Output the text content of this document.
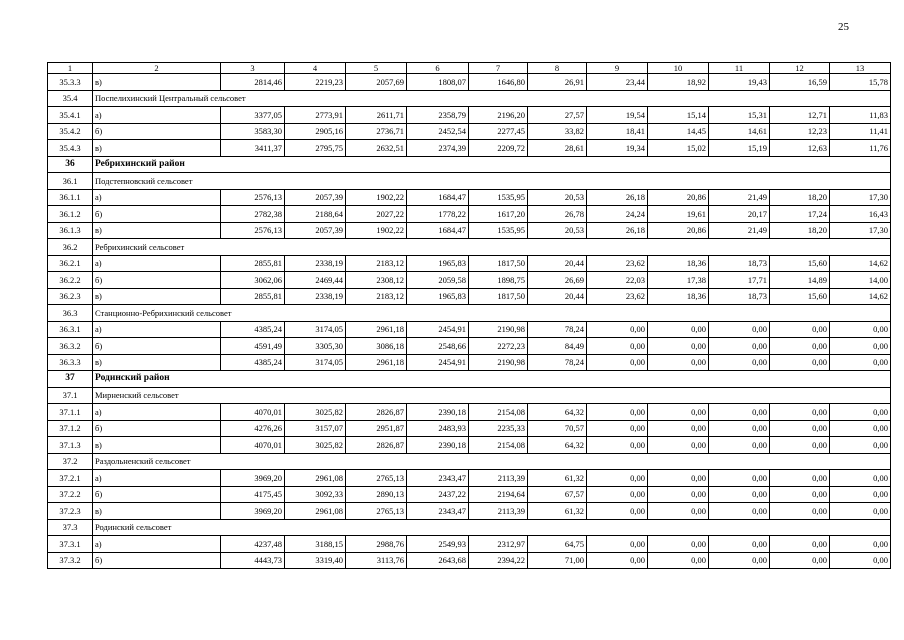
25
1	2	3	4	5	6	7	8	9	10	11	12	13
35.3.3	в)	2814,46	2219,23	2057,69	1808,07	1646,80	26,91	23,44	18,92	19,43	16,59	15,78
35.4	Поспелихинский Центральный сельсовет											
35.4.1	а)	3377,05	2773,91	2611,71	2358,79	2196,20	27,57	19,54	15,14	15,31	12,71	11,83
35.4.2	б)	3583,30	2905,16	2736,71	2452,54	2277,45	33,82	18,41	14,45	14,61	12,23	11,41
35.4.3	в)	3411,37	2795,75	2632,51	2374,39	2209,72	28,61	19,34	15,02	15,19	12,63	11,76
36	Ребрихинский район											
36.1	Подстепновский сельсовет											
36.1.1	а)	2576,13	2057,39	1902,22	1684,47	1535,95	20,53	26,18	20,86	21,49	18,20	17,30
36.1.2	б)	2782,38	2188,64	2027,22	1778,22	1617,20	26,78	24,24	19,61	20,17	17,24	16,43
36.1.3	в)	2576,13	2057,39	1902,22	1684,47	1535,95	20,53	26,18	20,86	21,49	18,20	17,30
36.2	Ребрихинский сельсовет											
36.2.1	а)	2855,81	2338,19	2183,12	1965,83	1817,50	20,44	23,62	18,36	18,73	15,60	14,62
36.2.2	б)	3062,06	2469,44	2308,12	2059,58	1898,75	26,69	22,03	17,38	17,71	14,89	14,00
36.2.3	в)	2855,81	2338,19	2183,12	1965,83	1817,50	20,44	23,62	18,36	18,73	15,60	14,62
36.3	Станционно-Ребрихинский сельсовет											
36.3.1	а)	4385,24	3174,05	2961,18	2454,91	2190,98	78,24	0,00	0,00	0,00	0,00	0,00
36.3.2	б)	4591,49	3305,30	3086,18	2548,66	2272,23	84,49	0,00	0,00	0,00	0,00	0,00
36.3.3	в)	4385,24	3174,05	2961,18	2454,91	2190,98	78,24	0,00	0,00	0,00	0,00	0,00
37	Родинский район											
37.1	Мирненский сельсовет											
37.1.1	а)	4070,01	3025,82	2826,87	2390,18	2154,08	64,32	0,00	0,00	0,00	0,00	0,00
37.1.2	б)	4276,26	3157,07	2951,87	2483,93	2235,33	70,57	0,00	0,00	0,00	0,00	0,00
37.1.3	в)	4070,01	3025,82	2826,87	2390,18	2154,08	64,32	0,00	0,00	0,00	0,00	0,00
37.2	Раздольненский сельсовет											
37.2.1	а)	3969,20	2961,08	2765,13	2343,47	2113,39	61,32	0,00	0,00	0,00	0,00	0,00
37.2.2	б)	4175,45	3092,33	2890,13	2437,22	2194,64	67,57	0,00	0,00	0,00	0,00	0,00
37.2.3	в)	3969,20	2961,08	2765,13	2343,47	2113,39	61,32	0,00	0,00	0,00	0,00	0,00
37.3	Родинский сельсовет											
37.3.1	а)	4237,48	3188,15	2988,76	2549,93	2312,97	64,75	0,00	0,00	0,00	0,00	0,00
37.3.2	б)	4443,73	3319,40	3113,76	2643,68	2394,22	71,00	0,00	0,00	0,00	0,00	0,00
